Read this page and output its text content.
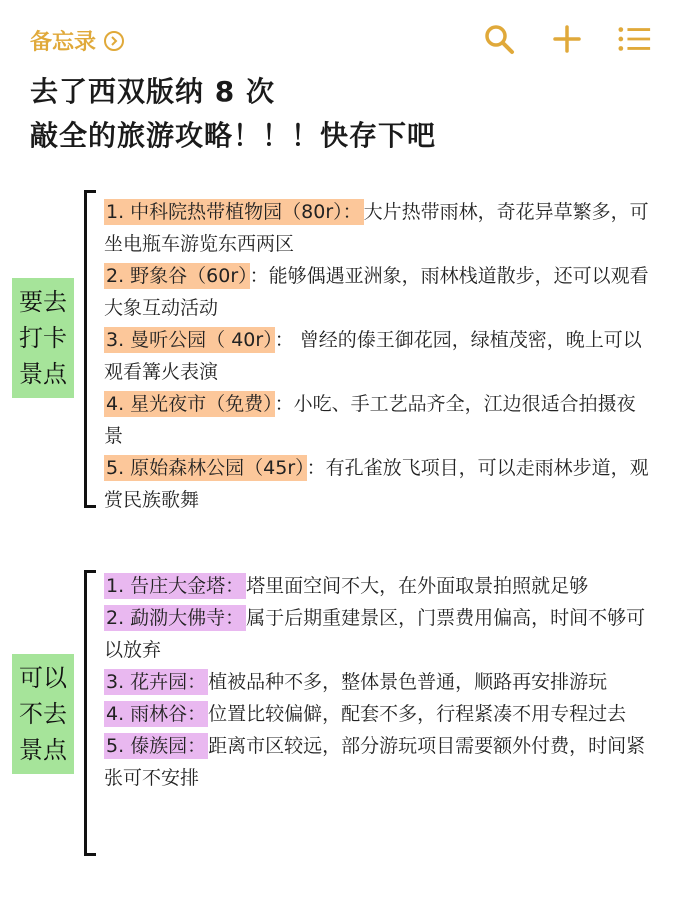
备忘录
去了西双版纳 8 次
敲全的旅游攻略！！！快存下吧
要去打卡景点

1. 中科院热带植物园（80r）： 大片热带雨林，奇花异草繁多，可坐电瓶车游览东西两区

2. 野象谷（60r） ：能够偶遇亚洲象，雨林栈道散步，还可以观看大象互动活动

3. 曼听公园（ 40r） ： 曾经的傣王御花园，绿植茂密，晚上可以观看篝火表演

4. 星光夜市（免费） ：小吃、手工艺品齐全，江边很适合拍摄夜景

5. 原始森林公园（45r） ：有孔雀放飞项目，可以走雨林步道，观赏民族歌舞

可以不去景点

1. 告庄大金塔： 塔里面空间不大，在外面取景拍照就足够

2. 勐泐大佛寺： 属于后期重建景区，门票费用偏高，时间不够可以放弃

3. 花卉园： 植被品种不多，整体景色普通，顺路再安排游玩

4. 雨林谷： 位置比较偏僻，配套不多，行程紧凑不用专程过去

5. 傣族园： 距离市区较远，部分游玩项目需要额外付费，时间紧张可不安排
